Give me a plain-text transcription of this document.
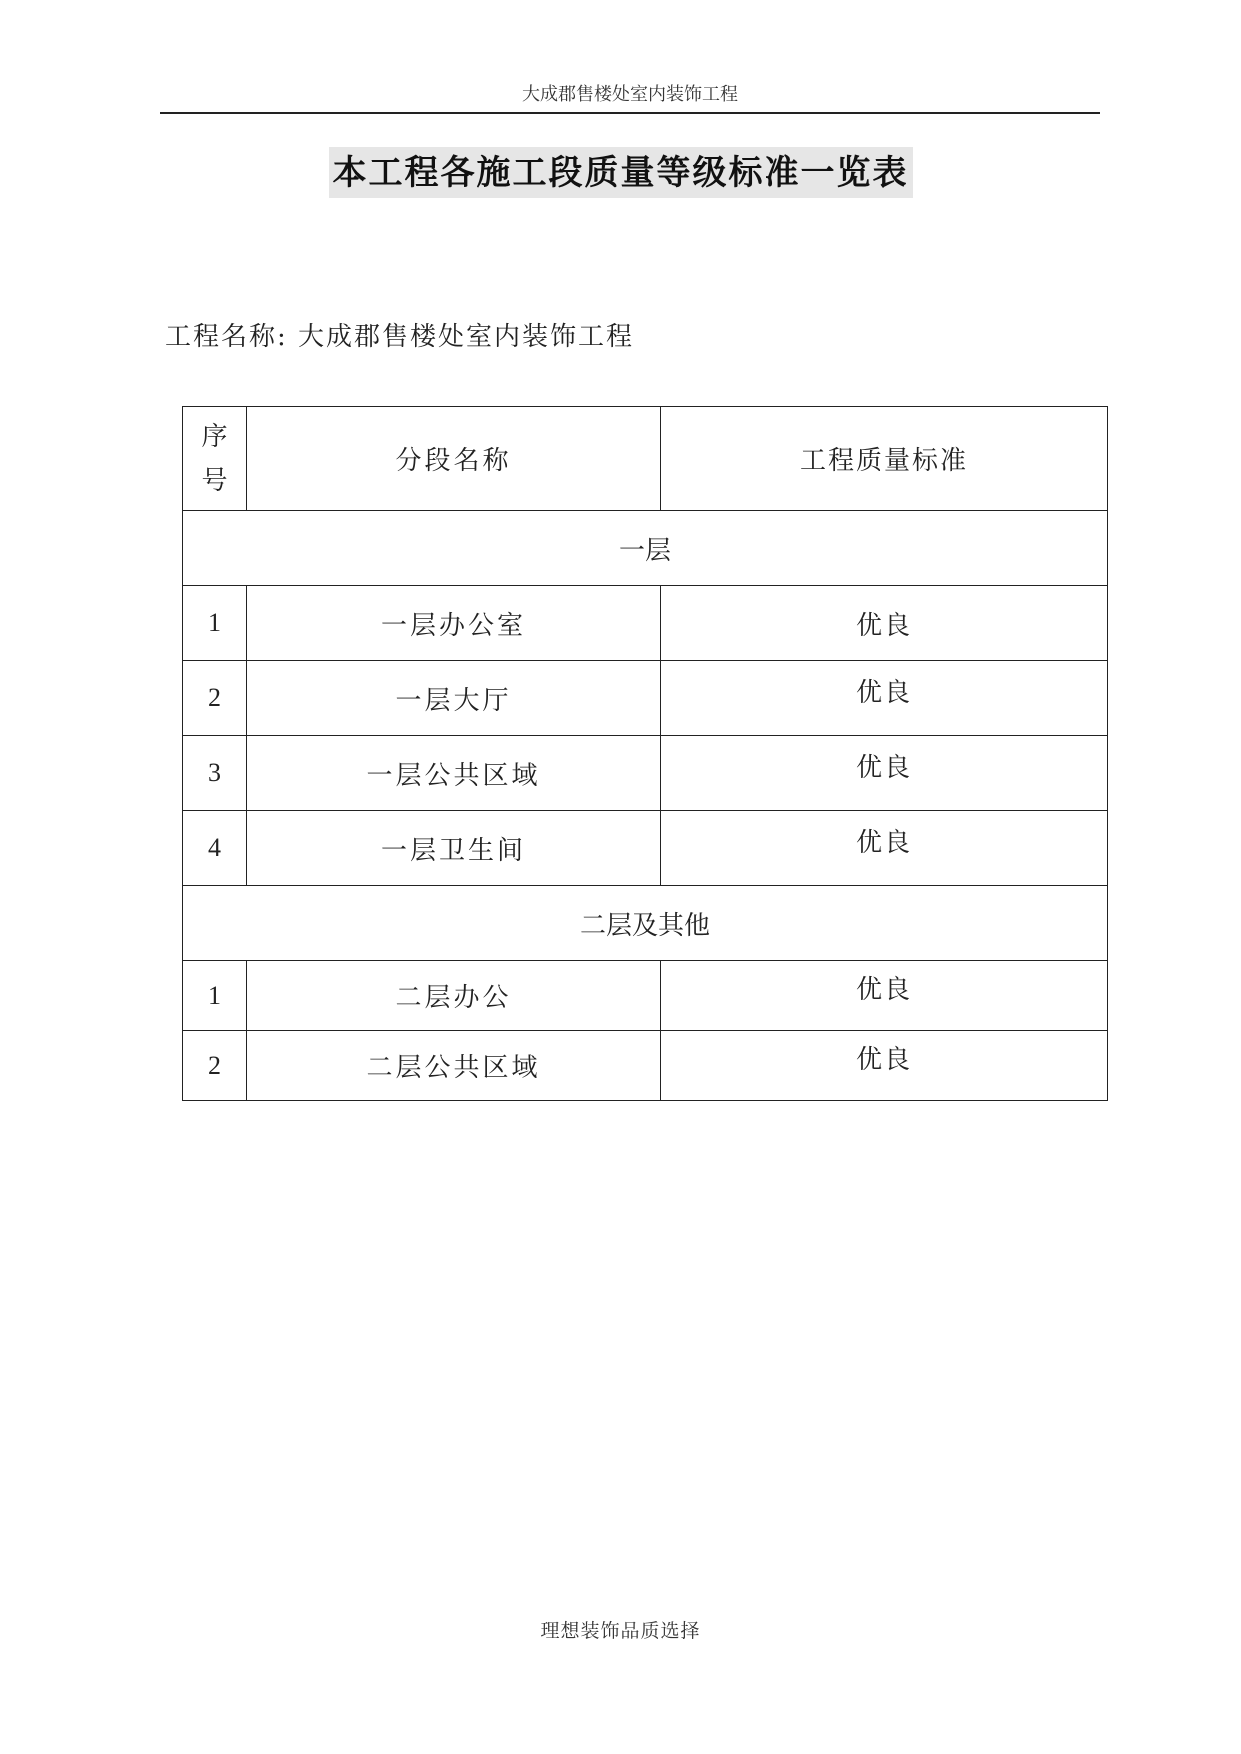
大成郡售楼处室内装饰工程
本工程各施工段质量等级标准一览表
工程名称: 大成郡售楼处室内装饰工程
序
号	分段名称	工程质量标准
一层		
1	一层办公室	优良
2	一层大厅	优良
3	一层公共区域	优良
4	一层卫生间	优良
二层及其他		
1	二层办公	优良
2	二层公共区域	优良
理想装饰品质选择
